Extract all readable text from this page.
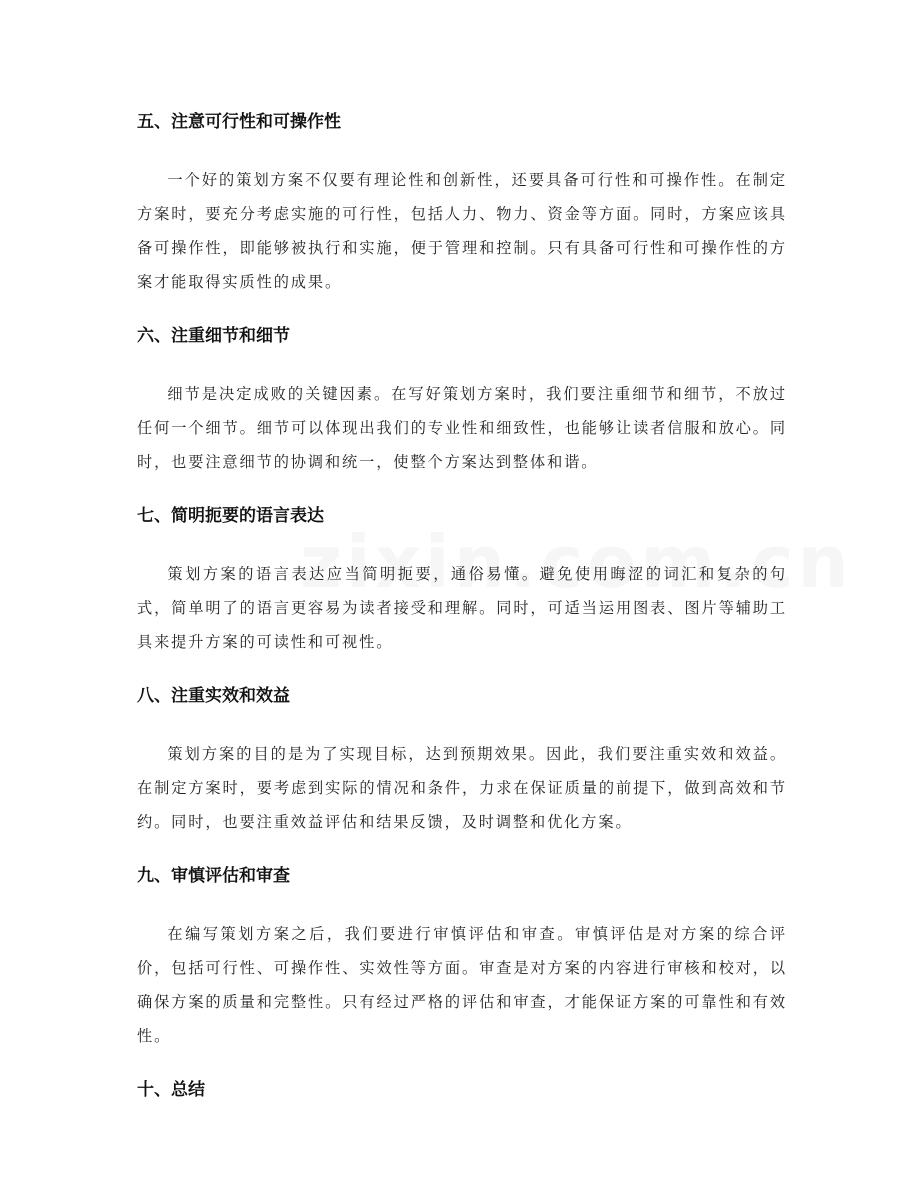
五、注意可行性和可操作性

一个好的策划方案不仅要有理论性和创新性，还要具备可行性和可操作性。在制定方案时，要充分考虑实施的可行性，包括人力、物力、资金等方面。同时，方案应该具备可操作性，即能够被执行和实施，便于管理和控制。只有具备可行性和可操作性的方案才能取得实质性的成果。

六、注重细节和细节

细节是决定成败的关键因素。在写好策划方案时，我们要注重细节和细节，不放过任何一个细节。细节可以体现出我们的专业性和细致性，也能够让读者信服和放心。同时，也要注意细节的协调和统一，使整个方案达到整体和谐。

七、简明扼要的语言表达

策划方案的语言表达应当简明扼要，通俗易懂。避免使用晦涩的词汇和复杂的句式，简单明了的语言更容易为读者接受和理解。同时，可适当运用图表、图片等辅助工具来提升方案的可读性和可视性。

八、注重实效和效益

策划方案的目的是为了实现目标，达到预期效果。因此，我们要注重实效和效益。在制定方案时，要考虑到实际的情况和条件，力求在保证质量的前提下，做到高效和节约。同时，也要注重效益评估和结果反馈，及时调整和优化方案。

九、审慎评估和审查

在编写策划方案之后，我们要进行审慎评估和审查。审慎评估是对方案的综合评价，包括可行性、可操作性、实效性等方面。审查是对方案的内容进行审核和校对，以确保方案的质量和完整性。只有经过严格的评估和审查，才能保证方案的可靠性和有效性。

十、总结
